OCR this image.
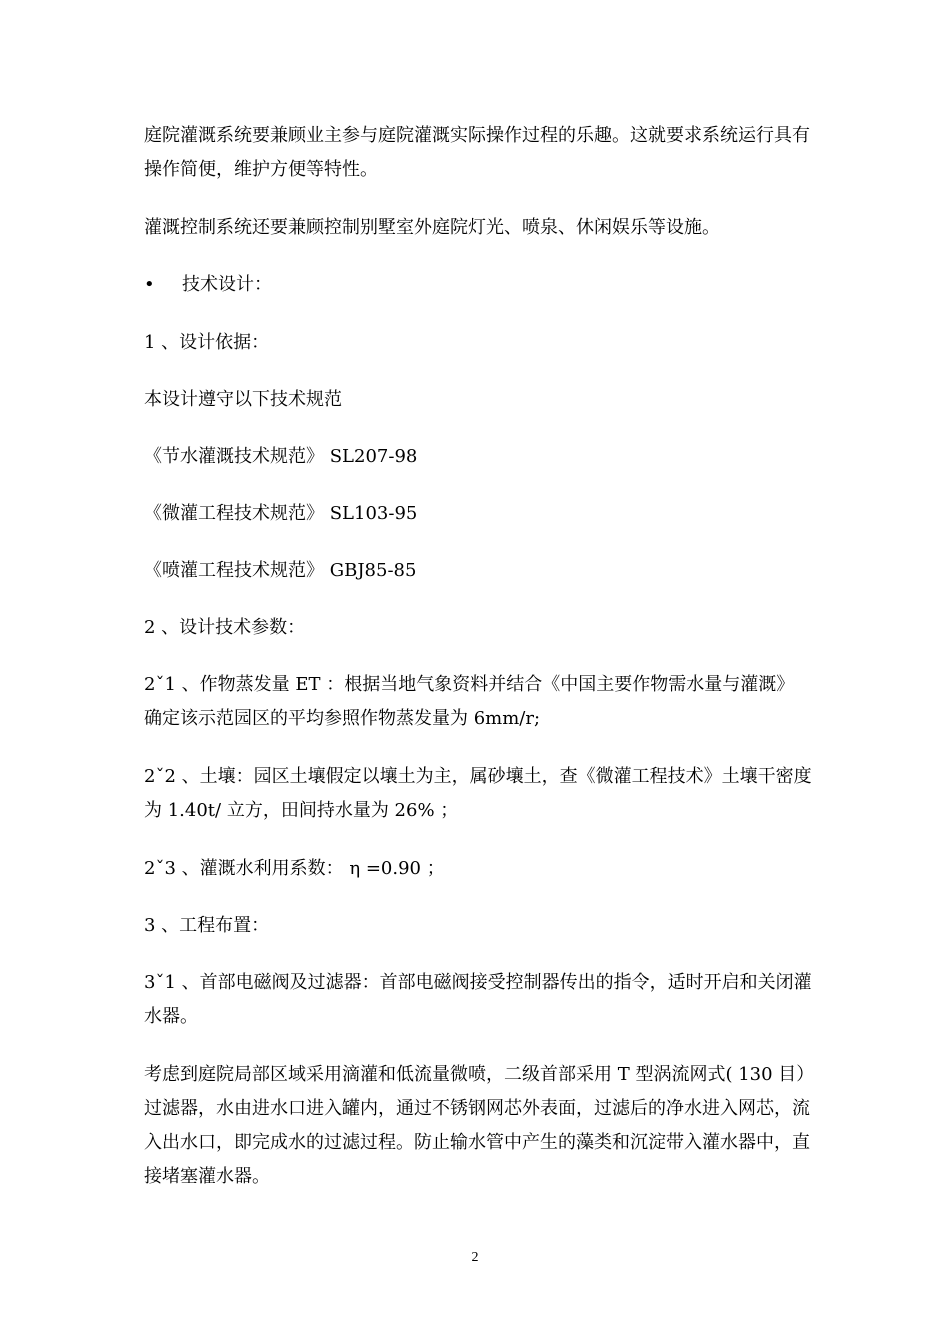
庭院灌溉系统要兼顾业主参与庭院灌溉实际操作过程的乐趣。这就要求系统运行具有操作简便，维护方便等特性。

灌溉控制系统还要兼顾控制别墅室外庭院灯光、喷泉、休闲娱乐等设施。

•	技术设计：

1 、设计依据：

本设计遵守以下技术规范

《节水灌溉技术规范》 SL207-98

《微灌工程技术规范》 SL103-95

《喷灌工程技术规范》 GBJ85-85

2 、设计技术参数：

2ˇ1 、作物蒸发量 ET ：根据当地气象资料并结合《中国主要作物需水量与灌溉》确定该示范园区的平均参照作物蒸发量为 6mm/r;

2ˇ2 、土壤：园区土壤假定以壤土为主，属砂壤土，查《微灌工程技术》土壤干密度为 1.40t/ 立方，田间持水量为 26% ；

2ˇ3 、灌溉水利用系数： η =0.90 ；

3 、工程布置：

3ˇ1 、首部电磁阀及过滤器：首部电磁阀接受控制器传出的指令，适时开启和关闭灌水器。

考虑到庭院局部区域采用滴灌和低流量微喷，二级首部采用 T 型涡流网式( 130 目）过滤器，水由进水口进入罐内，通过不锈钢网芯外表面，过滤后的净水进入网芯，流入出水口，即完成水的过滤过程。防止输水管中产生的藻类和沉淀带入灌水器中，直接堵塞灌水器。

2
